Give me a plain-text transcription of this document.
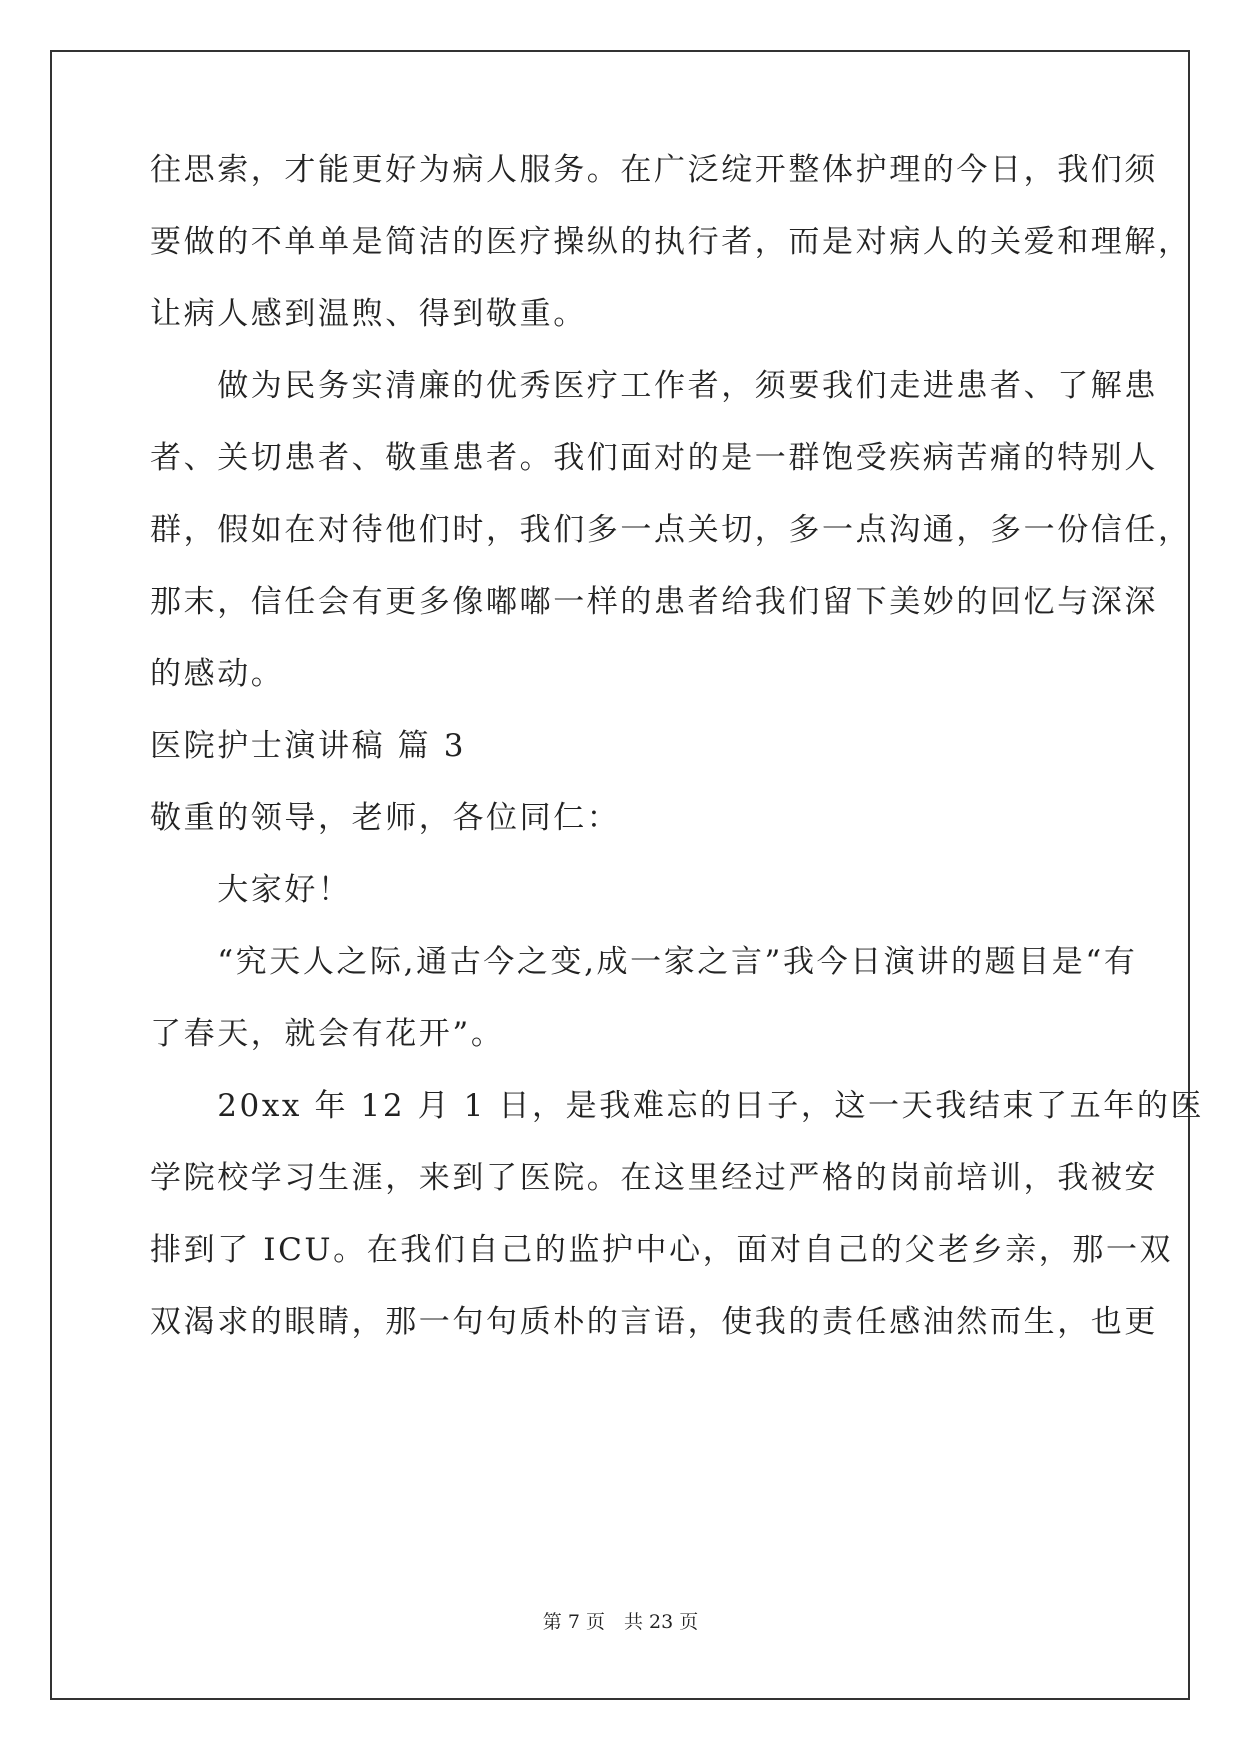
往思索，才能更好为病人服务。在广泛绽开整体护理的今日，我们须
要做的不单单是简洁的医疗操纵的执行者，而是对病人的关爱和理解，
让病人感到温煦、得到敬重。
　　做为民务实清廉的优秀医疗工作者，须要我们走进患者、了解患
者、关切患者、敬重患者。我们面对的是一群饱受疾病苦痛的特别人
群，假如在对待他们时，我们多一点关切，多一点沟通，多一份信任，
那末，信任会有更多像嘟嘟一样的患者给我们留下美妙的回忆与深深
的感动。
医院护士演讲稿 篇 3
敬重的领导，老师，各位同仁：
　　大家好！
　　“究天人之际,通古今之变,成一家之言”我今日演讲的题目是“有
了春天，就会有花开”。
　　20xx 年 12 月 1 日，是我难忘的日子，这一天我结束了五年的医
学院校学习生涯，来到了医院。在这里经过严格的岗前培训，我被安
排到了 ICU。在我们自己的监护中心，面对自己的父老乡亲，那一双
双渴求的眼睛，那一句句质朴的言语，使我的责任感油然而生，也更
第 7 页　共 23 页
